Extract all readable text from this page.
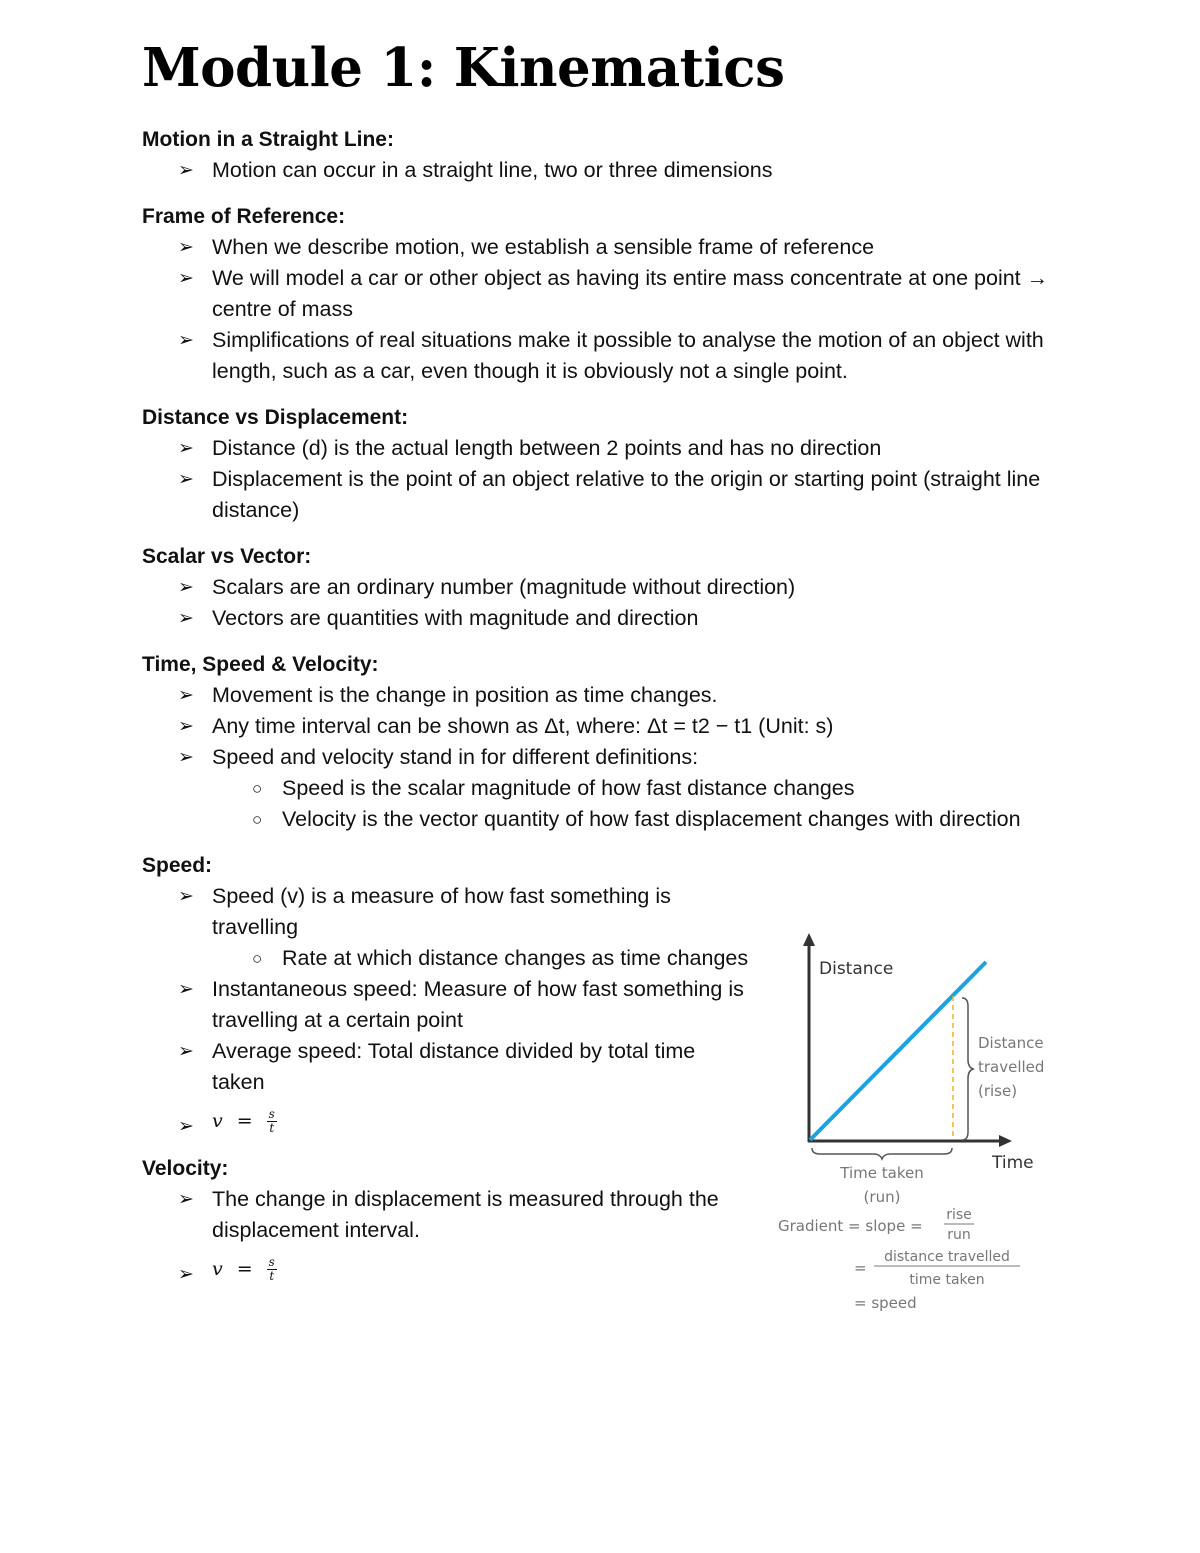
Module 1: Kinematics

Motion in a Straight Line:

➢ Motion can occur in a straight line, two or three dimensions

Frame of Reference:

➢ When we describe motion, we establish a sensible frame of reference
➢ We will model a car or other object as having its entire mass concentrate at one point → centre of mass
➢ Simplifications of real situations make it possible to analyse the motion of an object with length, such as a car, even though it is obviously not a single point.

Distance vs Displacement:

➢ Distance (d) is the actual length between 2 points and has no direction
➢ Displacement is the point of an object relative to the origin or starting point (straight line distance)

Scalar vs Vector:

➢ Scalars are an ordinary number (magnitude without direction)
➢ Vectors are quantities with magnitude and direction

Time, Speed & Velocity:

➢ Movement is the change in position as time changes.
➢ Any time interval can be shown as Δt, where: Δt = t2 − t1 (Unit: s)
➢ Speed and velocity stand in for different definitions:
○ Speed is the scalar magnitude of how fast distance changes
○ Velocity is the vector quantity of how fast displacement changes with direction

Speed:

➢ Speed (v) is a measure of how fast something is travelling
○ Rate at which distance changes as time changes
➢ Instantaneous speed: Measure of how fast something is travelling at a certain point
➢ Average speed: Total distance divided by total time taken
➢ $v = \frac{s}{t}$

Velocity:

➢ The change in displacement is measured through the displacement interval.
➢ $v = \frac{s}{t}$
Distance
Time
Distance
travelled
(rise)
Time taken
(run)
Gradient = slope =
rise
run
=
distance travelled
time taken
= speed
